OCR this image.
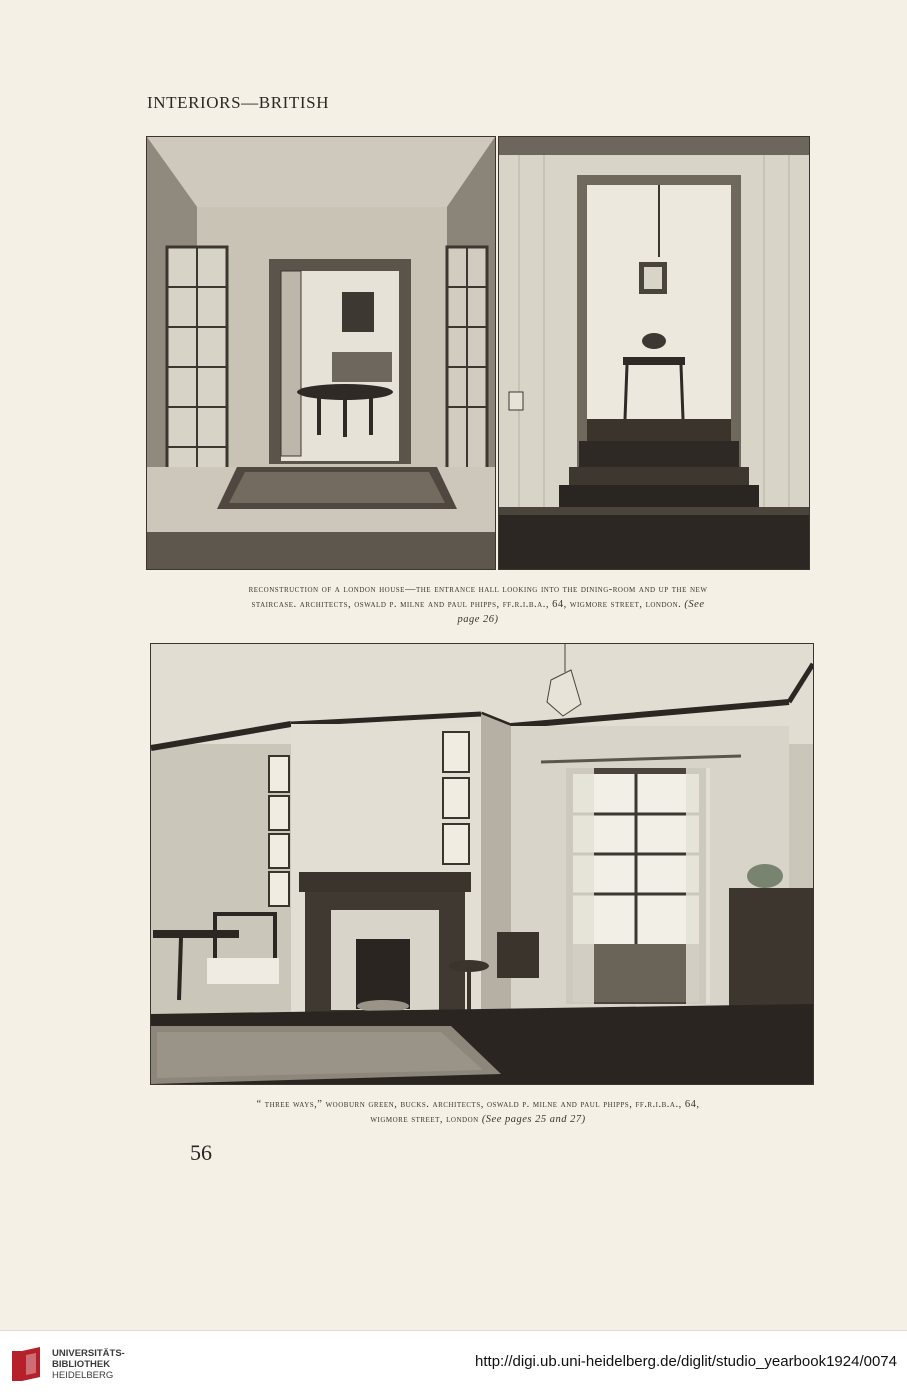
INTERIORS—BRITISH
reconstruction of a london house—the entrance hall looking into the dining-room and up the new
staircase. architects, oswald p. milne and paul phipps, ff.r.i.b.a., 64, wigmore street, london. (See
page 26)
“ three ways,” wooburn green, bucks. architects, oswald p. milne and paul phipps, ff.r.i.b.a., 64,
wigmore street, london (See pages 25 and 27)
56
UNIVERSITÄTS-
BIBLIOTHEK
HEIDELBERG
http://digi.ub.uni-heidelberg.de/diglit/studio_yearbook1924/0074
